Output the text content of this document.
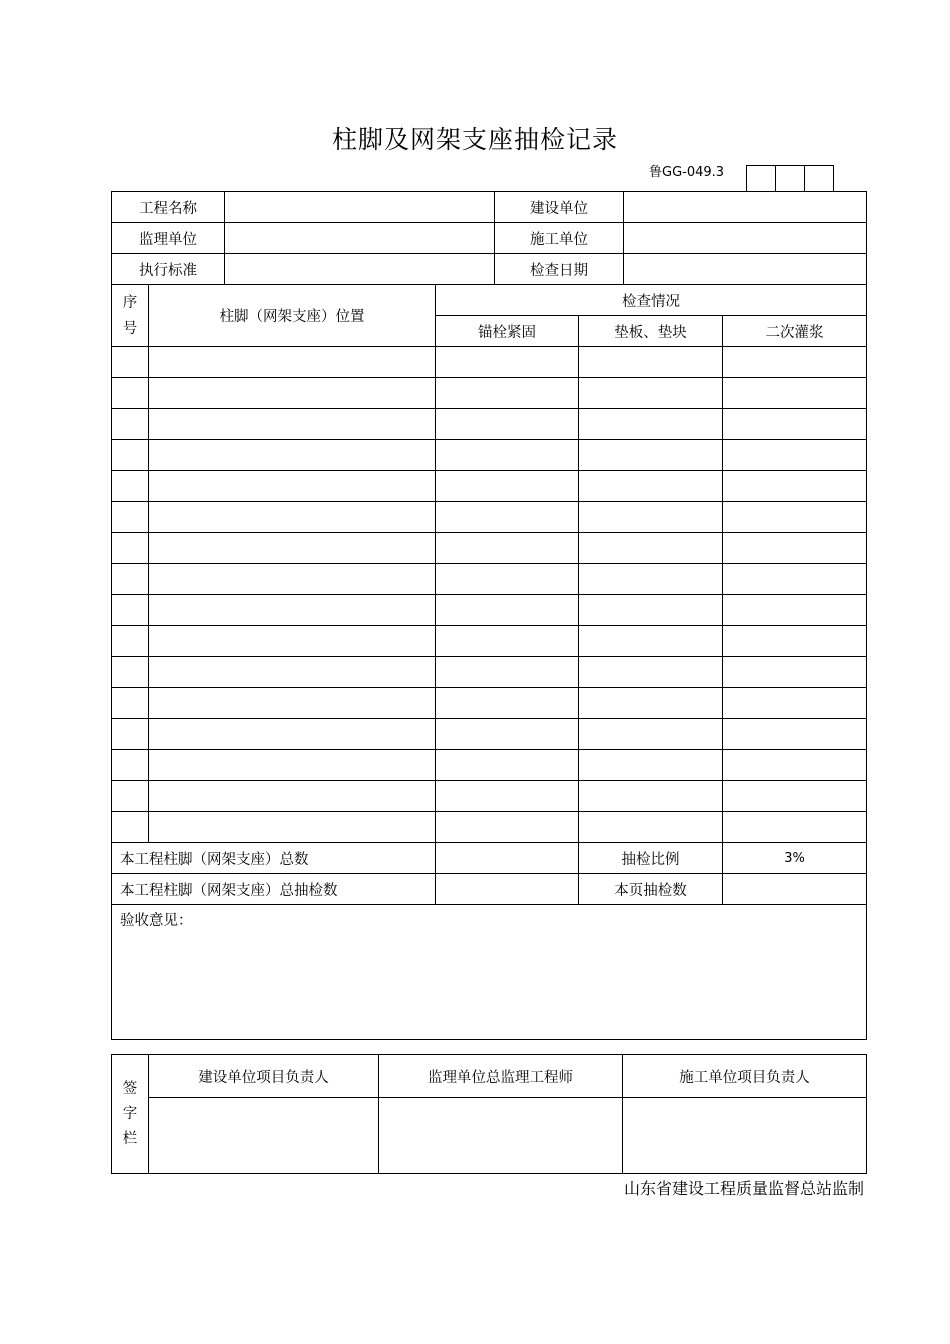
柱脚及网架支座抽检记录
鲁GG-049.3

工程名称 建设单位				

监理单位 施工单位				

执行标准 检查日期				

序
号	柱脚（网架支座）位置	检查情况		
		锚栓紧固	垫板、垫块	二次灌浆

本工程柱脚（网架支座）总数			抽检比例	3%
本工程柱脚（网架支座）总抽检数			本页抽检数	
验收意见：				
签
字
栏	建设单位项目负责人	监理单位总监理工程师	施工单位项目负责人

山东省建设工程质量监督总站监制
